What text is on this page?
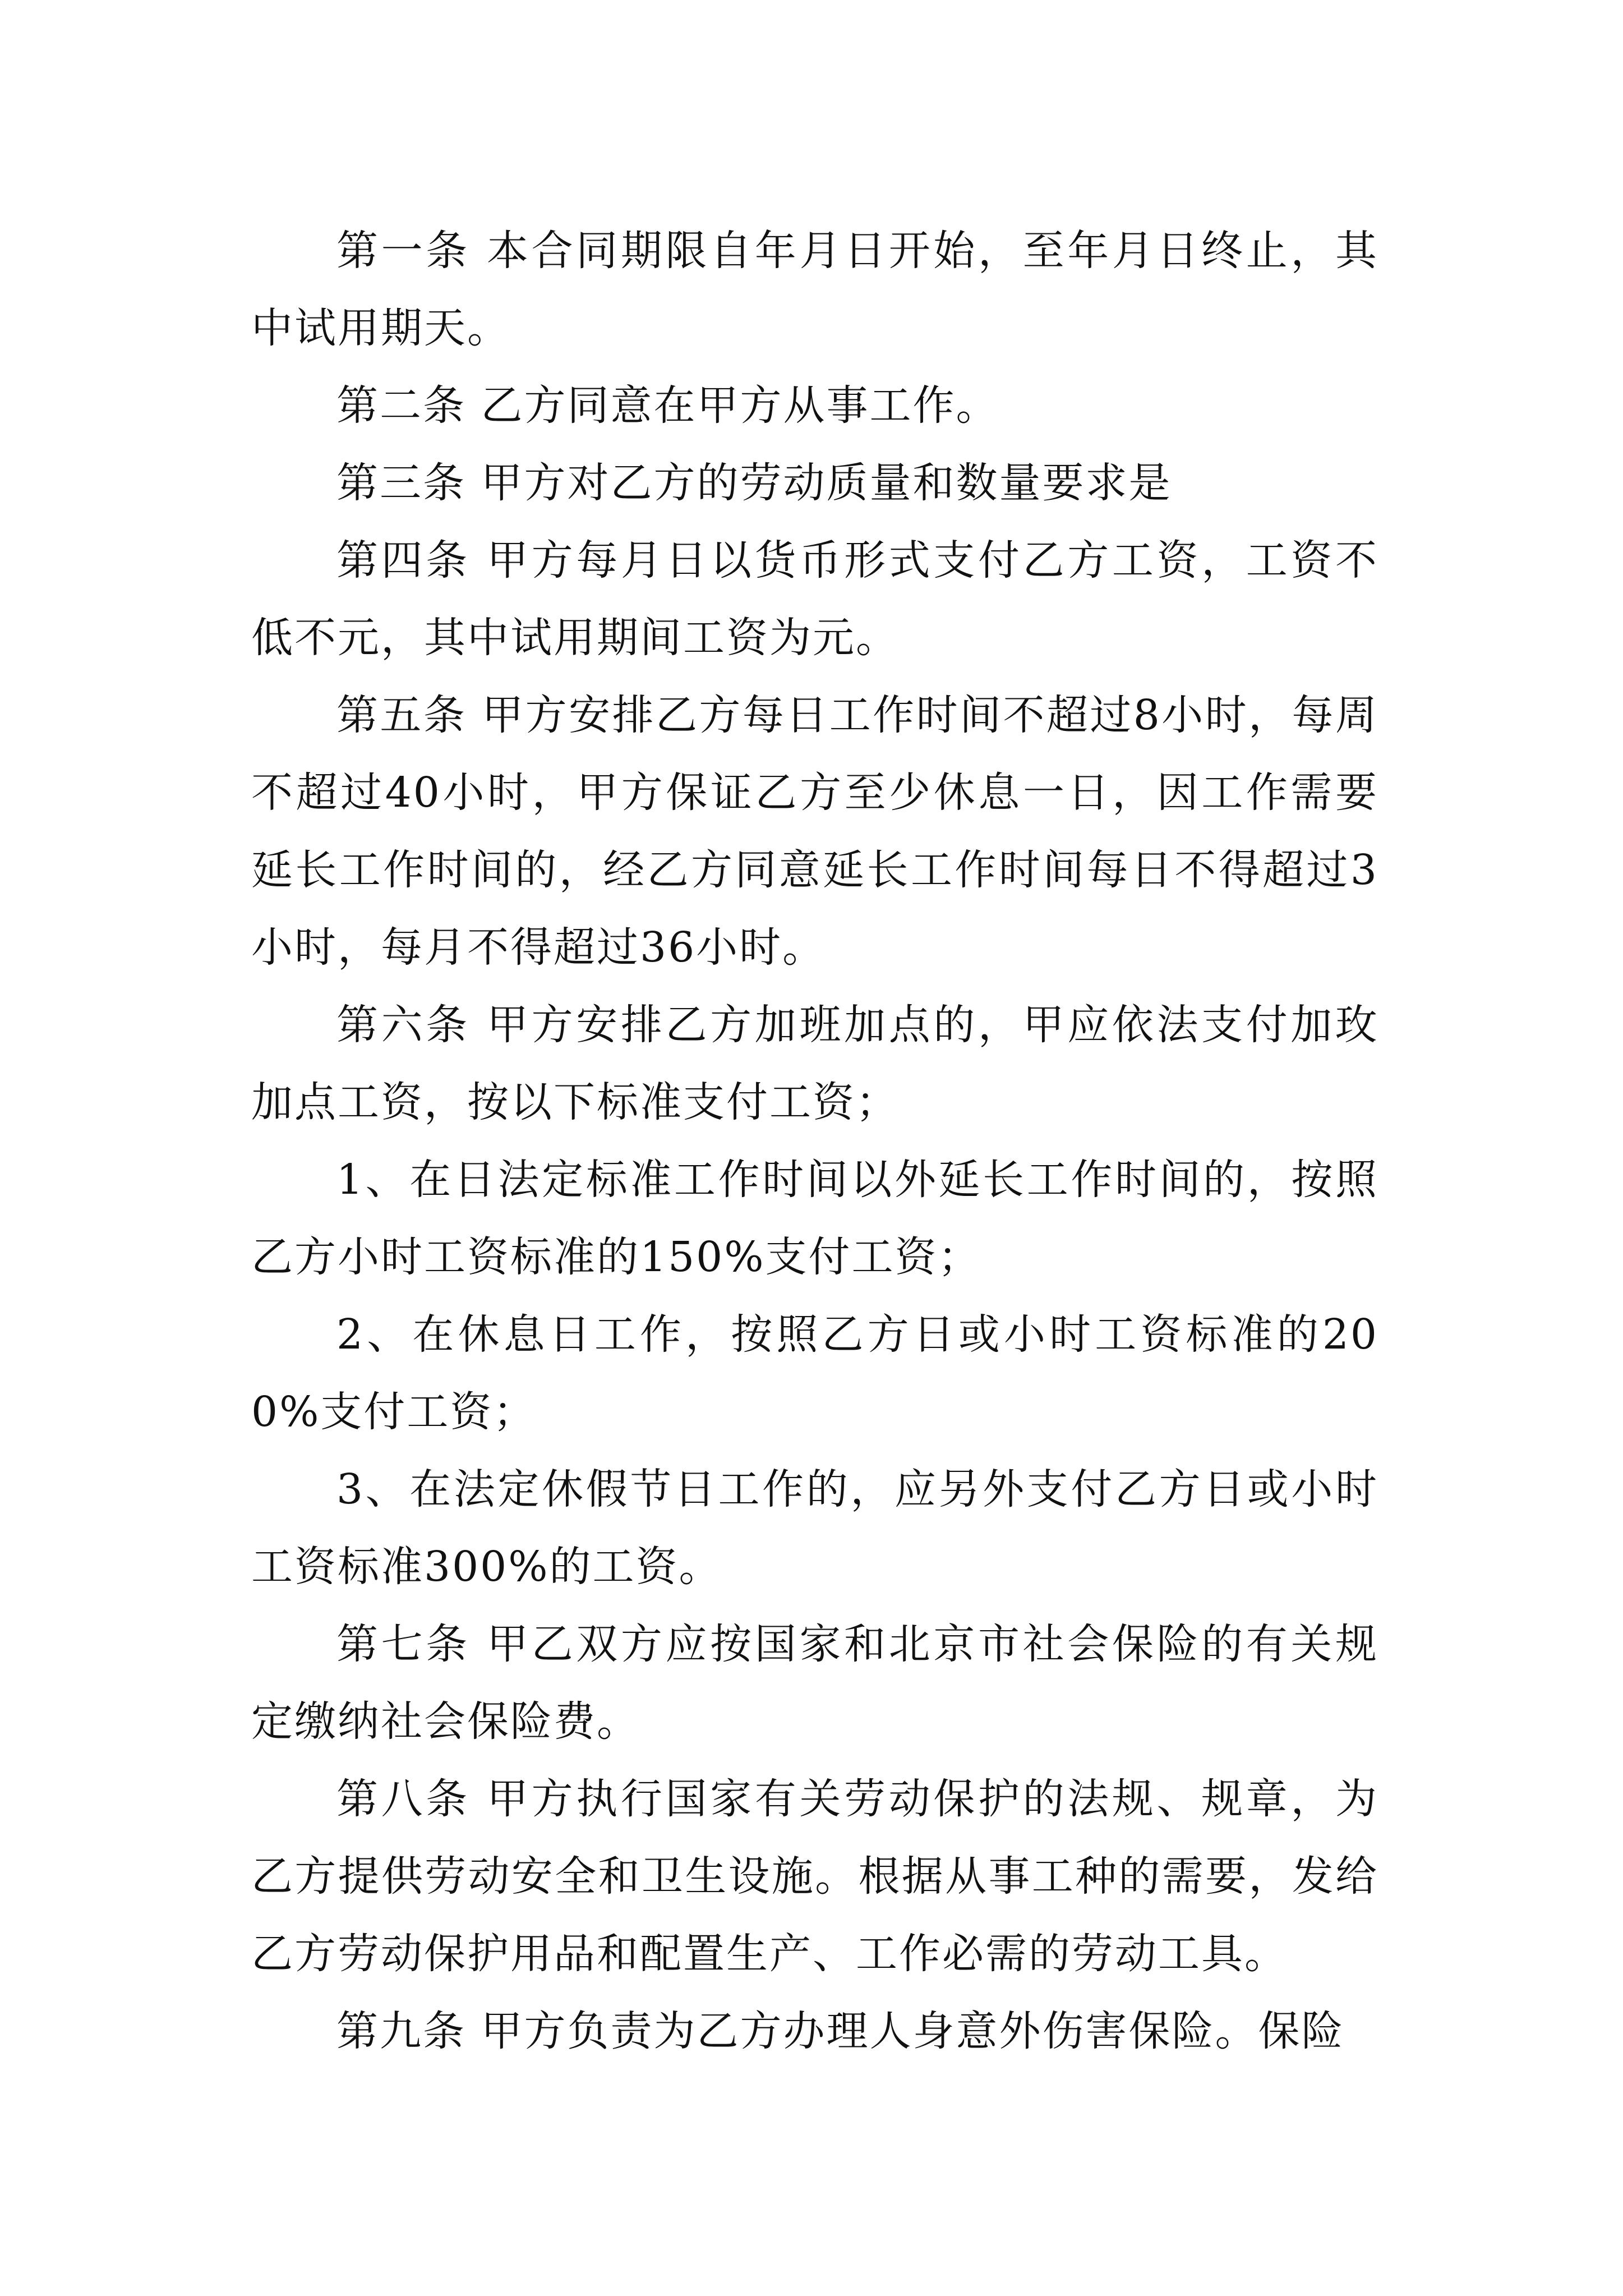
第一条 本合同期限自年月日开始，至年月日终止，其中试用期天。

第二条 乙方同意在甲方从事工作。

第三条 甲方对乙方的劳动质量和数量要求是

第四条 甲方每月日以货币形式支付乙方工资，工资不低不元，其中试用期间工资为元。

第五条 甲方安排乙方每日工作时间不超过8小时，每周不超过40小时，甲方保证乙方至少休息一日，因工作需要延长工作时间的，经乙方同意延长工作时间每日不得超过3小时，每月不得超过36小时。

第六条 甲方安排乙方加班加点的，甲应依法支付加玫加点工资，按以下标准支付工资；

1、在日法定标准工作时间以外延长工作时间的，按照乙方小时工资标准的150%支付工资；

2、在休息日工作，按照乙方日或小时工资标准的200%支付工资；

3、在法定休假节日工作的，应另外支付乙方日或小时工资标准300%的工资。

第七条 甲乙双方应按国家和北京市社会保险的有关规定缴纳社会保险费。

第八条 甲方执行国家有关劳动保护的法规、规章，为乙方提供劳动安全和卫生设施。根据从事工种的需要，发给乙方劳动保护用品和配置生产、工作必需的劳动工具。

第九条 甲方负责为乙方办理人身意外伤害保险。保险
